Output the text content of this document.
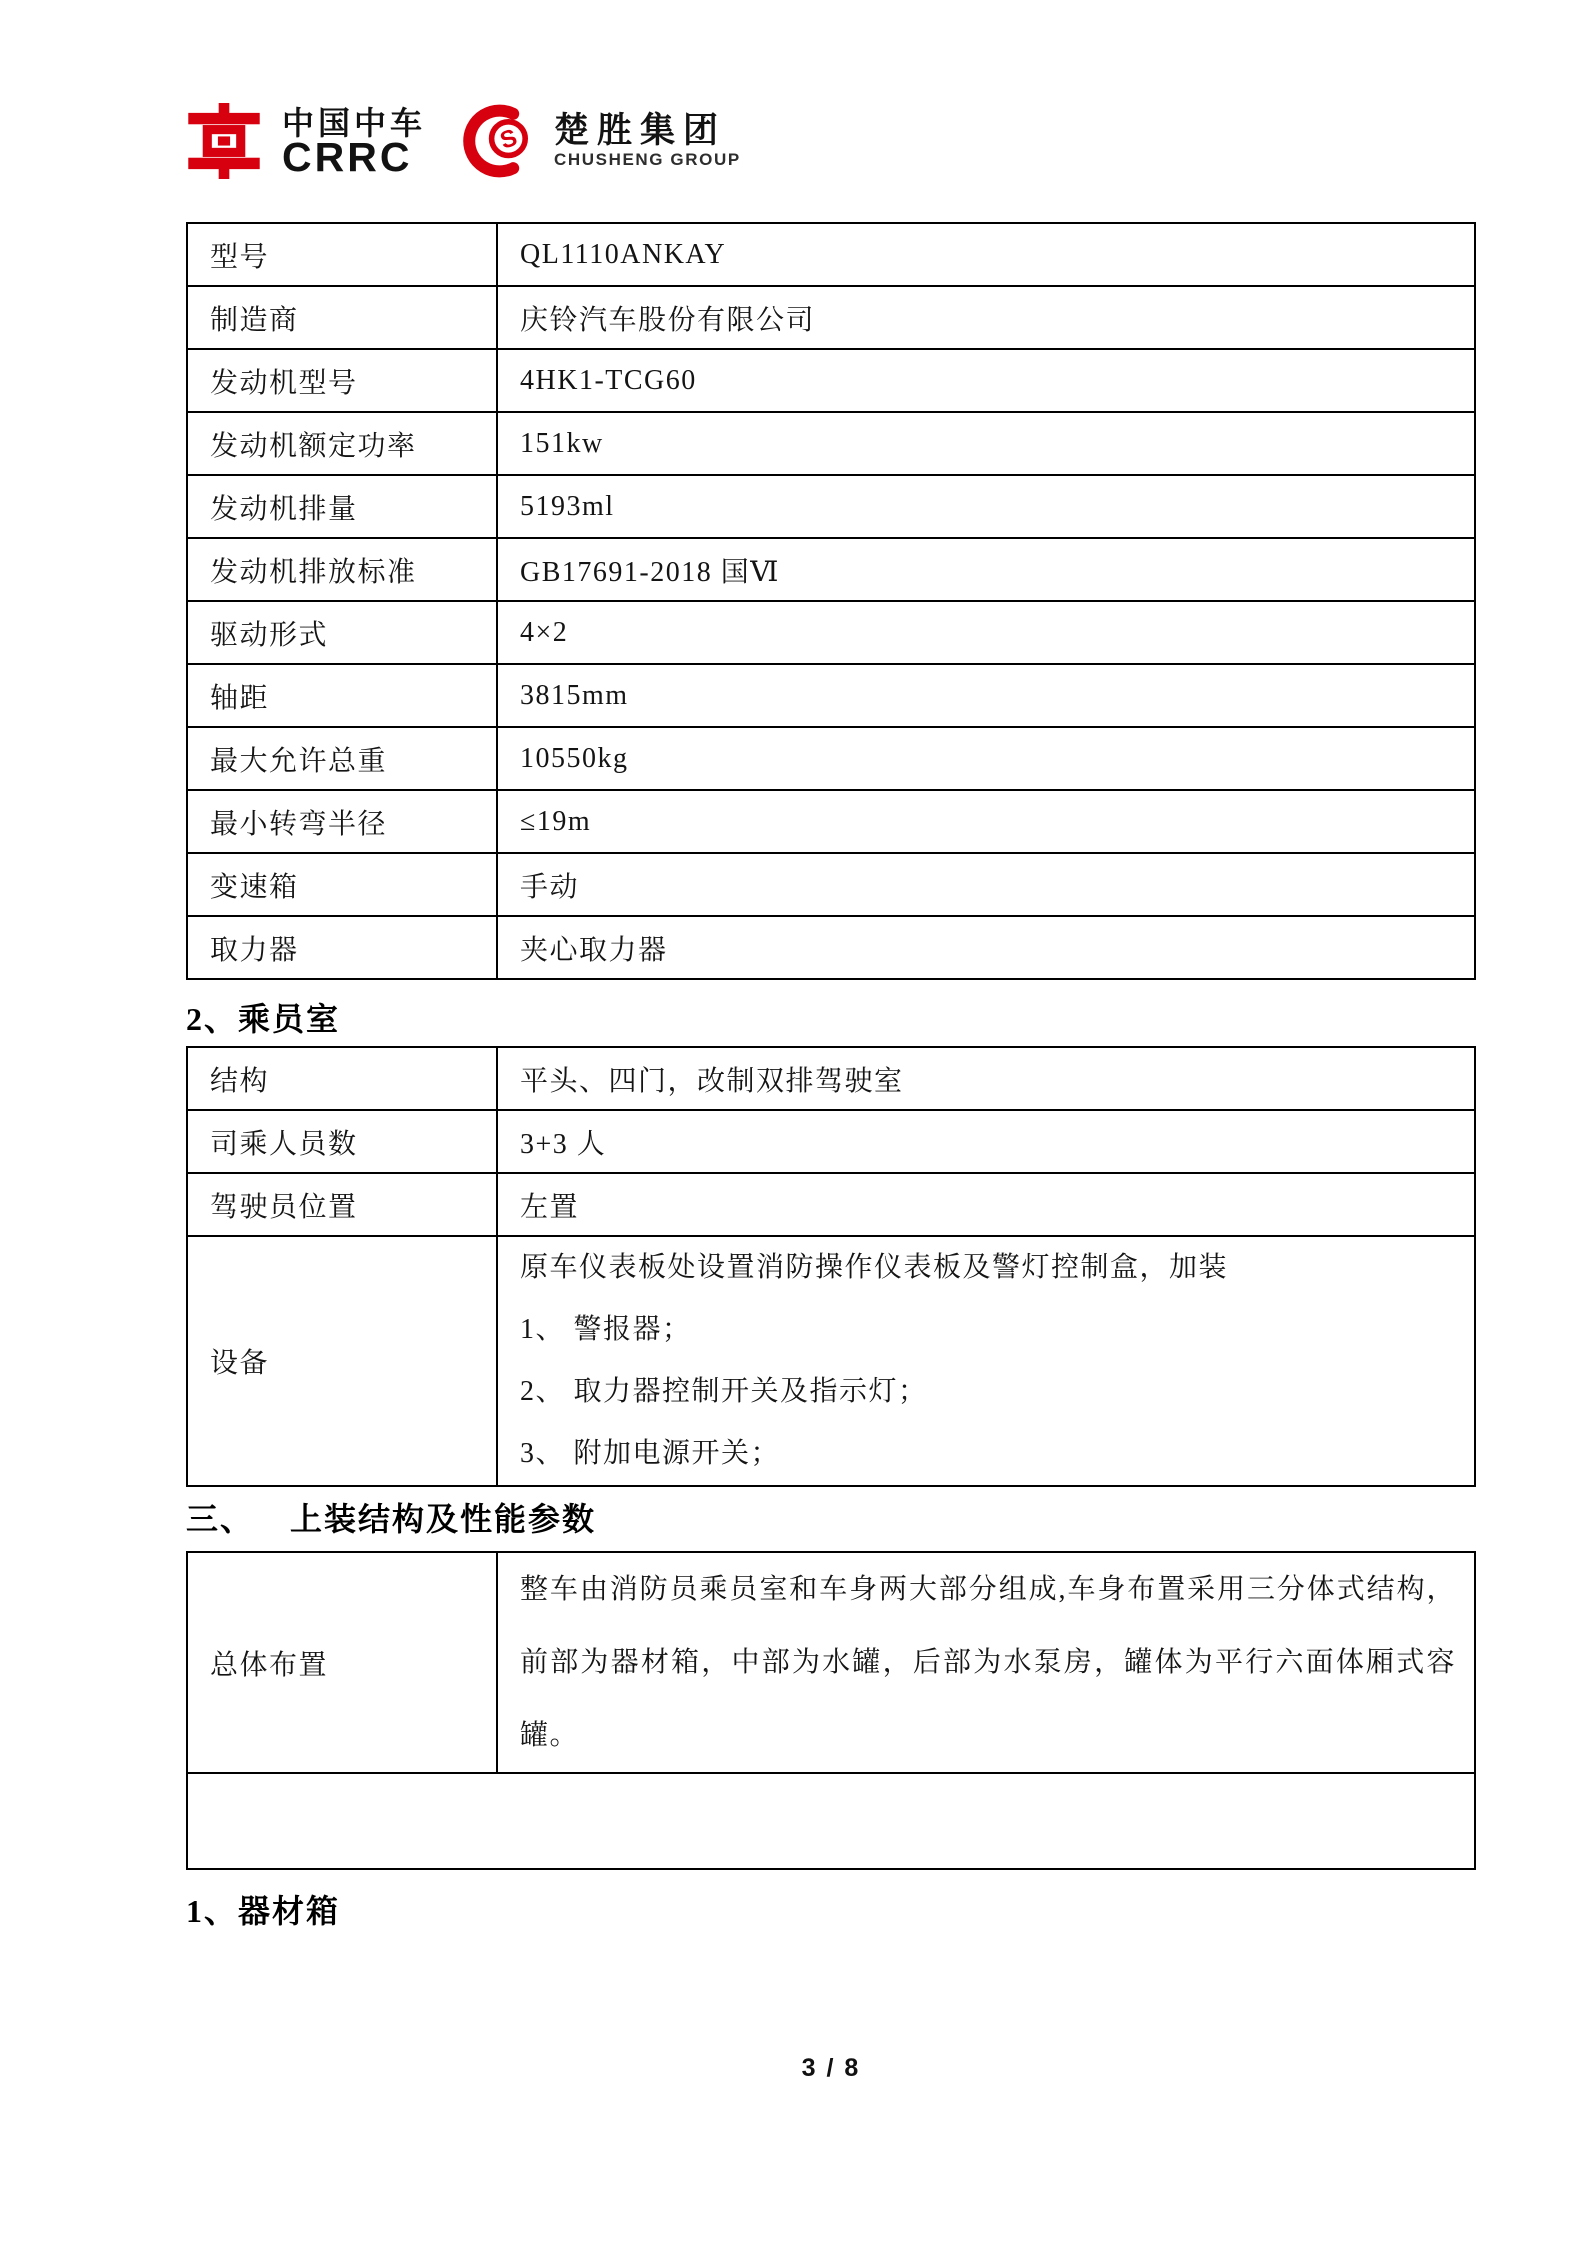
中国中车
CRRC	S 楚胜集团
CHUSHENG GROUP
型号	QL1110ANKAY
制造商	庆铃汽车股份有限公司
发动机型号	4HK1-TCG60
发动机额定功率	151kw
发动机排量	5193ml
发动机排放标准	GB17691-2018 国Ⅵ
驱动形式	4×2
轴距	3815mm
最大允许总重	10550kg
最小转弯半径	≤19m
变速箱	手动
取力器	夹心取力器
2、乘员室
结构	平头、四门，改制双排驾驶室
司乘人员数	3+3 人
驾驶员位置	左置
设备	原车仪表板处设置消防操作仪表板及警灯控制盒，加装
1、 警报器；
2、 取力器控制开关及指示灯；
3、 附加电源开关；
三、 上装结构及性能参数
总体布置	整车由消防员乘员室和车身两大部分组成,车身布置采用三分体式结构，前部为器材箱，中部为水罐，后部为水泵房，罐体为平行六面体厢式容罐。

1、器材箱
3 / 8
